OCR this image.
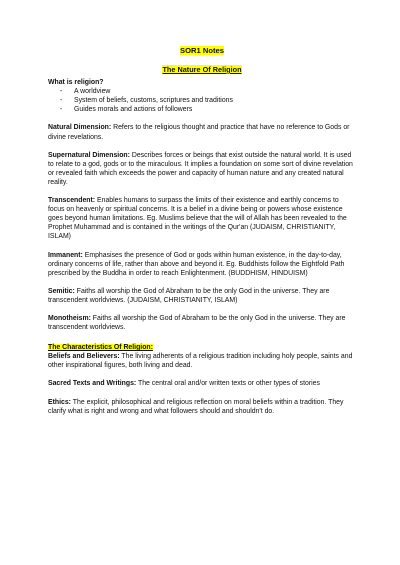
SOR1 Notes
The Nature Of Religion
What is religion?
- A worldview
- System of beliefs, customs, scriptures and traditions
- Guides morals and actions of followers

Natural Dimension: Refers to the religious thought and practice that have no reference to Gods or divine revelations.

Supernatural Dimension: Describes forces or beings that exist outside the natural world. It is used to relate to a god, gods or to the miraculous. It implies a foundation on some sort of divine revelation or revealed faith which exceeds the power and capacity of human nature and any created natural reality.

Transcendent: Enables humans to surpass the limits of their existence and earthly concerns to focus on heavenly or spiritual concerns. It is a belief in a divine being or powers whose existence goes beyond human limitations. Eg. Muslims believe that the will of Allah has been revealed to the Prophet Muhammad and is contained in the writings of the Qur'an (JUDAISM, CHRISTIANITY, ISLAM)

Immanent: Emphasises the presence of God or gods within human existence, in the day-to-day, ordinary concerns of life, rather than above and beyond it. Eg. Buddhists follow the Eightfold Path prescribed by the Buddha in order to reach Enlightenment. (BUDDHISM, HINDUISM)

Semitic: Faiths all worship the God of Abraham to be the only God in the universe. They are transcendent worldviews. (JUDAISM, CHRISTIANITY, ISLAM)

Monotheism: Faiths all worship the God of Abraham to be the only God in the universe. They are transcendent worldviews.

The Characteristics Of Religion:

Beliefs and Believers: The living adherents of a religious tradition including holy people, saints and other inspirational figures, both living and dead.

Sacred Texts and Writings: The central oral and/or written texts or other types of stories

Ethics: The explicit, philosophical and religious reflection on moral beliefs within a tradition. They clarify what is right and wrong and what followers should and shouldn't do.
